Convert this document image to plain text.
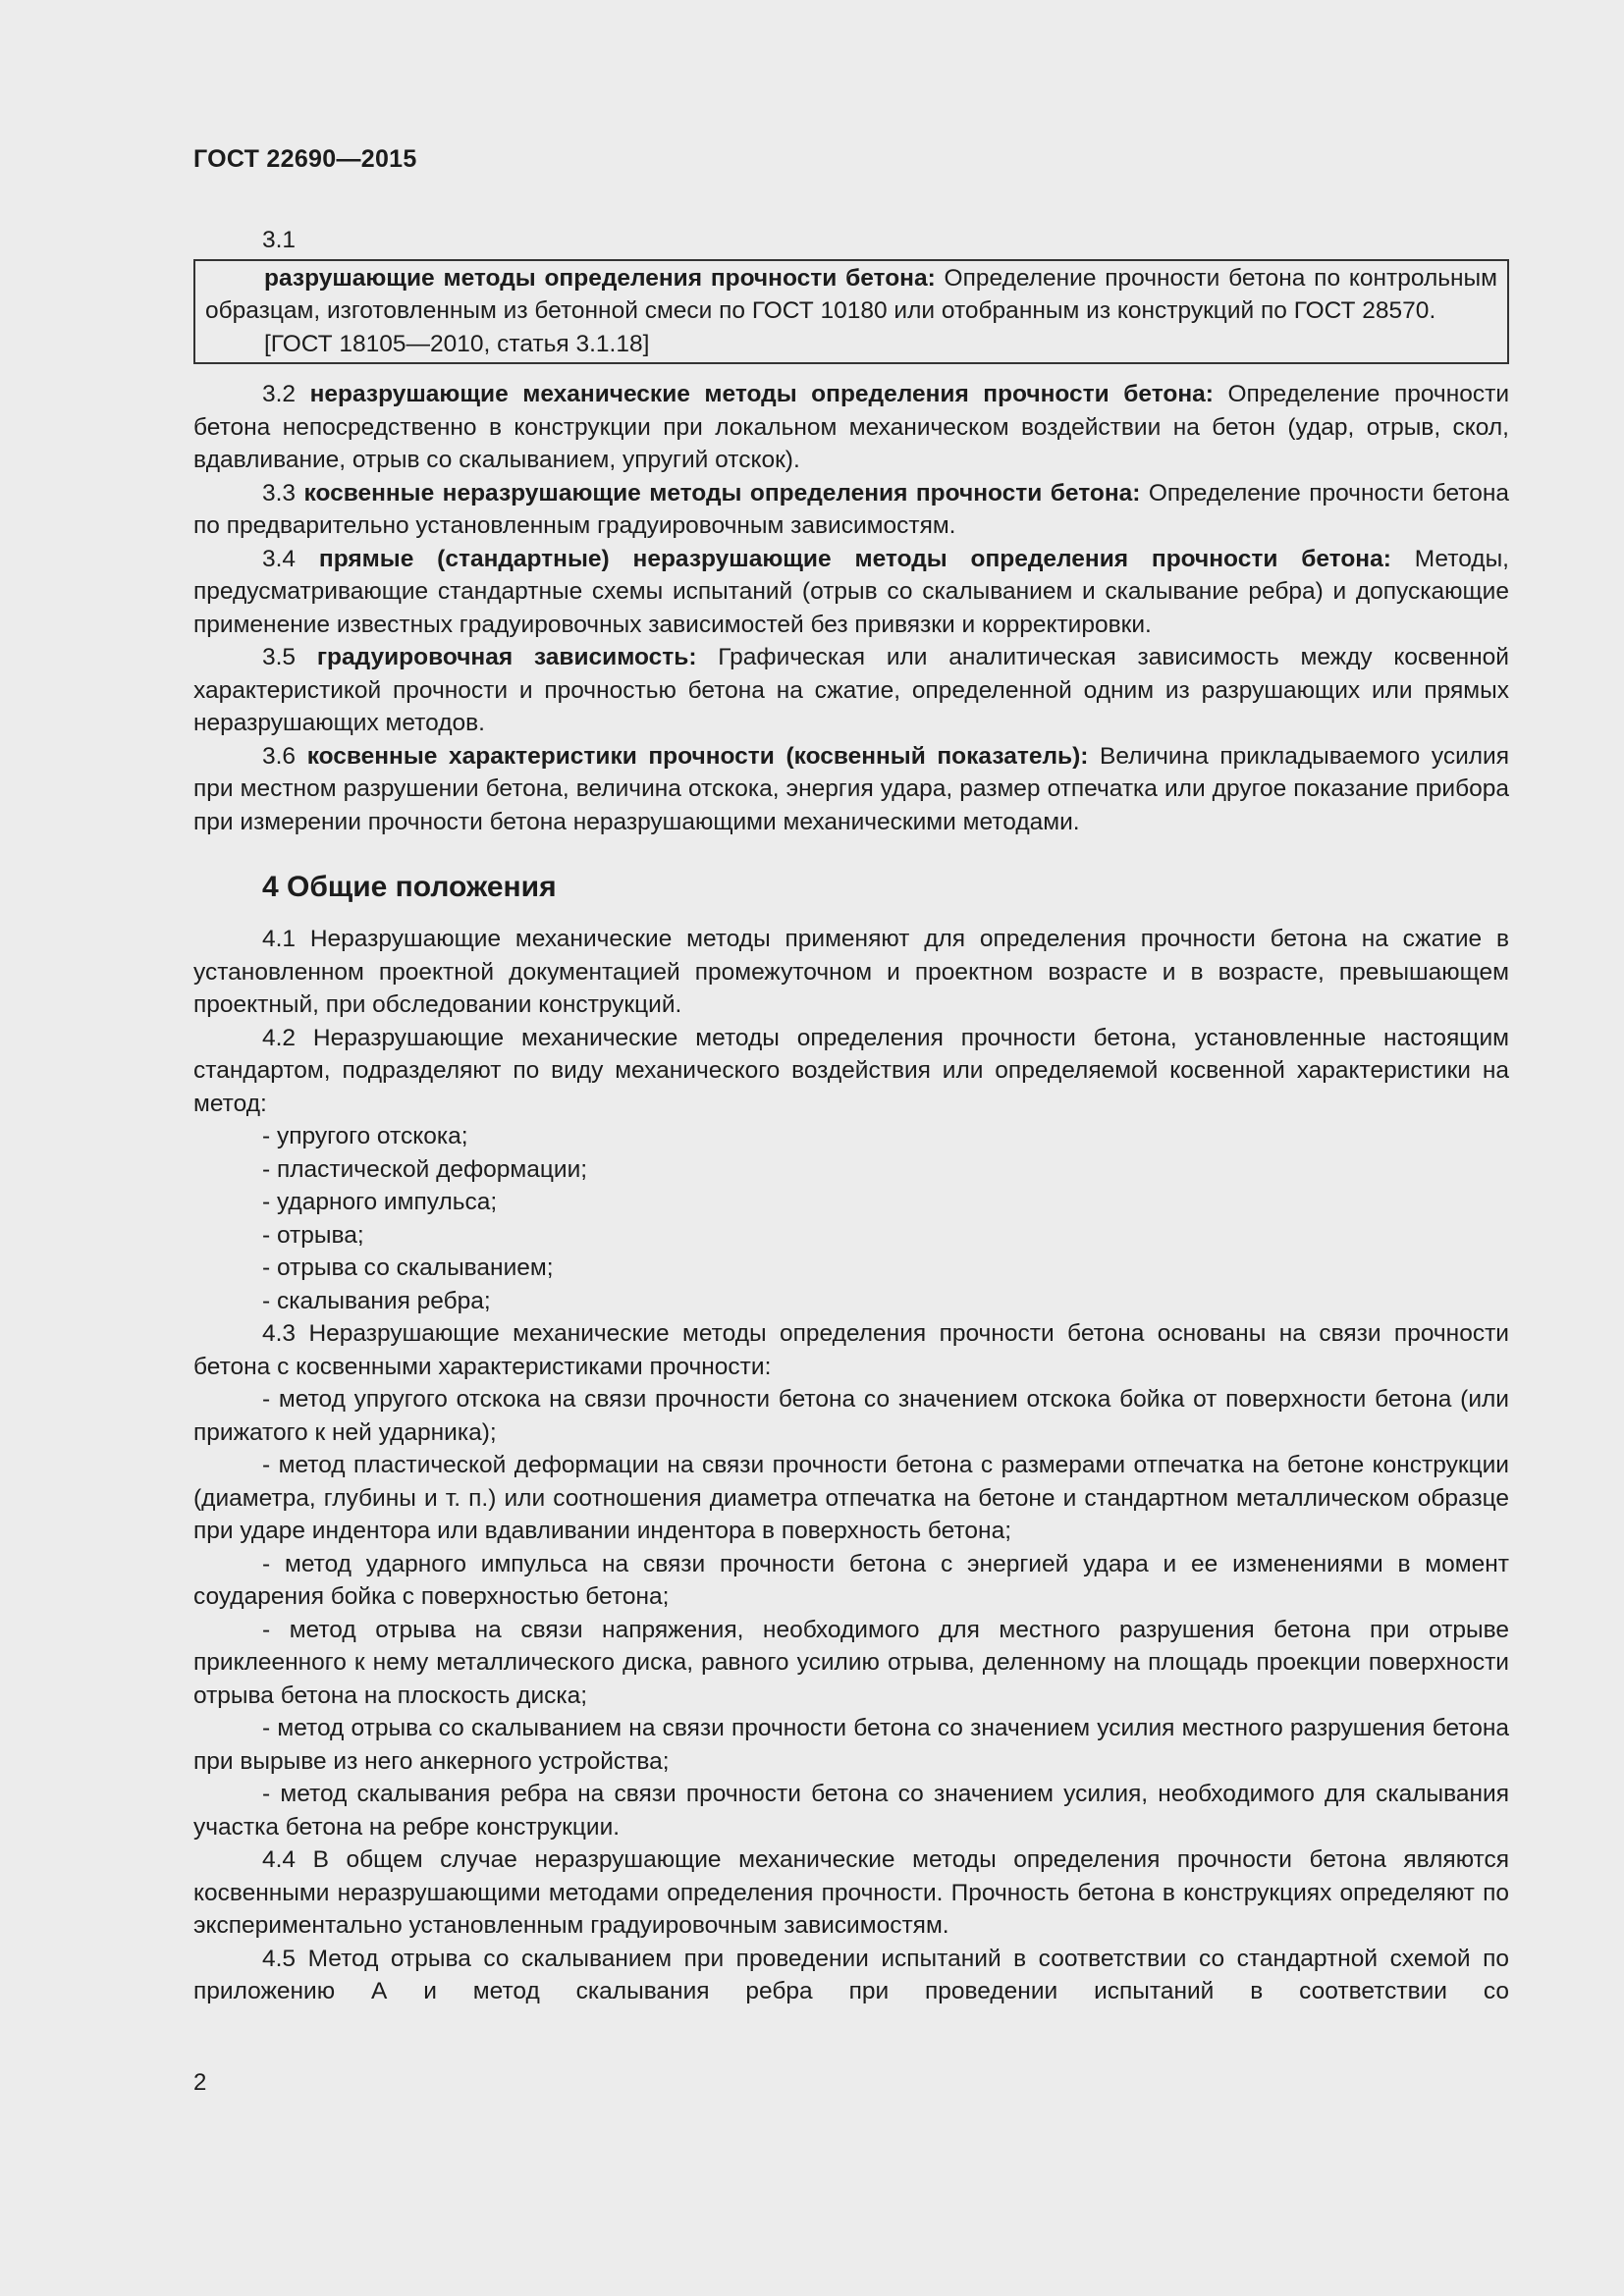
ГОСТ 22690—2015
3.1

разрушающие методы определения прочности бетона: Определение прочности бетона по контрольным образцам, изготовленным из бетонной смеси по ГОСТ 10180 или отобранным из конструкций по ГОСТ 28570.

[ГОСТ 18105—2010, статья 3.1.18]

3.2 неразрушающие механические методы определения прочности бетона: Определение прочности бетона непосредственно в конструкции при локальном механическом воздействии на бетон (удар, отрыв, скол, вдавливание, отрыв со скалыванием, упругий отскок).

3.3 косвенные неразрушающие методы определения прочности бетона: Определение прочности бетона по предварительно установленным градуировочным зависимостям.

3.4 прямые (стандартные) неразрушающие методы определения прочности бетона: Методы, предусматривающие стандартные схемы испытаний (отрыв со скалыванием и скалывание ребра) и допускающие применение известных градуировочных зависимостей без привязки и корректировки.

3.5 градуировочная зависимость: Графическая или аналитическая зависимость между косвенной характеристикой прочности и прочностью бетона на сжатие, определенной одним из разрушающих или прямых неразрушающих методов.

3.6 косвенные характеристики прочности (косвенный показатель): Величина прикладываемого усилия при местном разрушении бетона, величина отскока, энергия удара, размер отпечатка или другое показание прибора при измерении прочности бетона неразрушающими механическими методами.

4 Общие положения

4.1 Неразрушающие механические методы применяют для определения прочности бетона на сжатие в установленном проектной документацией промежуточном и проектном возрасте и в возрасте, превышающем проектный, при обследовании конструкций.

4.2 Неразрушающие механические методы определения прочности бетона, установленные настоящим стандартом, подразделяют по виду механического воздействия или определяемой косвенной характеристики на метод:

- упругого отскока;

- пластической деформации;

- ударного импульса;

- отрыва;

- отрыва со скалыванием;

- скалывания ребра;

4.3 Неразрушающие механические методы определения прочности бетона основаны на связи прочности бетона с косвенными характеристиками прочности:

- метод упругого отскока на связи прочности бетона со значением отскока бойка от поверхности бетона (или прижатого к ней ударника);

- метод пластической деформации на связи прочности бетона с размерами отпечатка на бетоне конструкции (диаметра, глубины и т. п.) или соотношения диаметра отпечатка на бетоне и стандартном металлическом образце при ударе индентора или вдавливании индентора в поверхность бетона;

- метод ударного импульса на связи прочности бетона с энергией удара и ее изменениями в момент соударения бойка с поверхностью бетона;

- метод отрыва на связи напряжения, необходимого для местного разрушения бетона при отрыве приклеенного к нему металлического диска, равного усилию отрыва, деленному на площадь проекции поверхности отрыва бетона на плоскость диска;

- метод отрыва со скалыванием на связи прочности бетона со значением усилия местного разрушения бетона при вырыве из него анкерного устройства;

- метод скалывания ребра на связи прочности бетона со значением усилия, необходимого для скалывания участка бетона на ребре конструкции.

4.4 В общем случае неразрушающие механические методы определения прочности бетона являются косвенными неразрушающими методами определения прочности. Прочность бетона в конструкциях определяют по экспериментально установленным градуировочным зависимостям.

4.5 Метод отрыва со скалыванием при проведении испытаний в соответствии со стандартной схемой по приложению А и метод скалывания ребра при проведении испытаний в соответствии со

2
